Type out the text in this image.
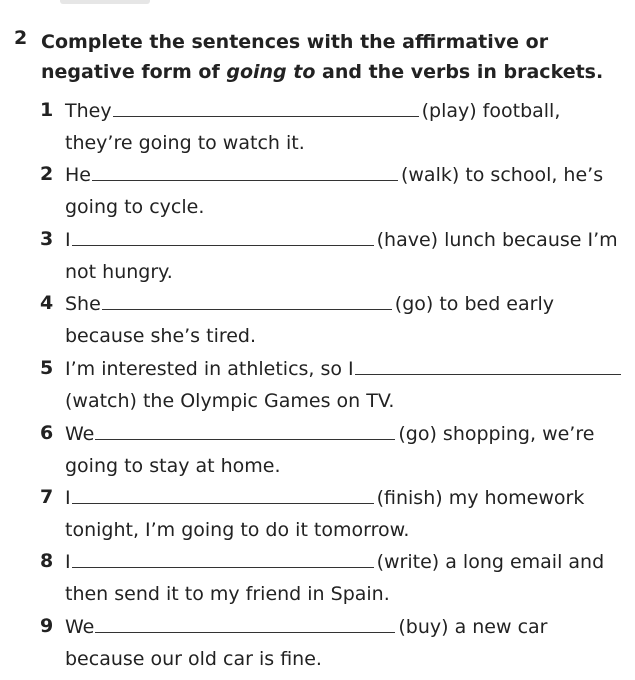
2 Complete the sentences with the affirmative or negative form of going to and the verbs in brackets.
1 They	(play) football,
they’re going to watch it.
2 He	(walk) to school, he’s
going to cycle.
3 I	(have) lunch because I’m
not hungry.
4 She	(go) to bed early
because she’s tired.
5 I’m interested in athletics, so I
(watch) the Olympic Games on TV.
6 We	(go) shopping, we’re
going to stay at home.
7 I	(finish) my homework
tonight, I’m going to do it tomorrow.
8 I	(write) a long email and
then send it to my friend in Spain.
9 We	(buy) a new car
because our old car is fine.
